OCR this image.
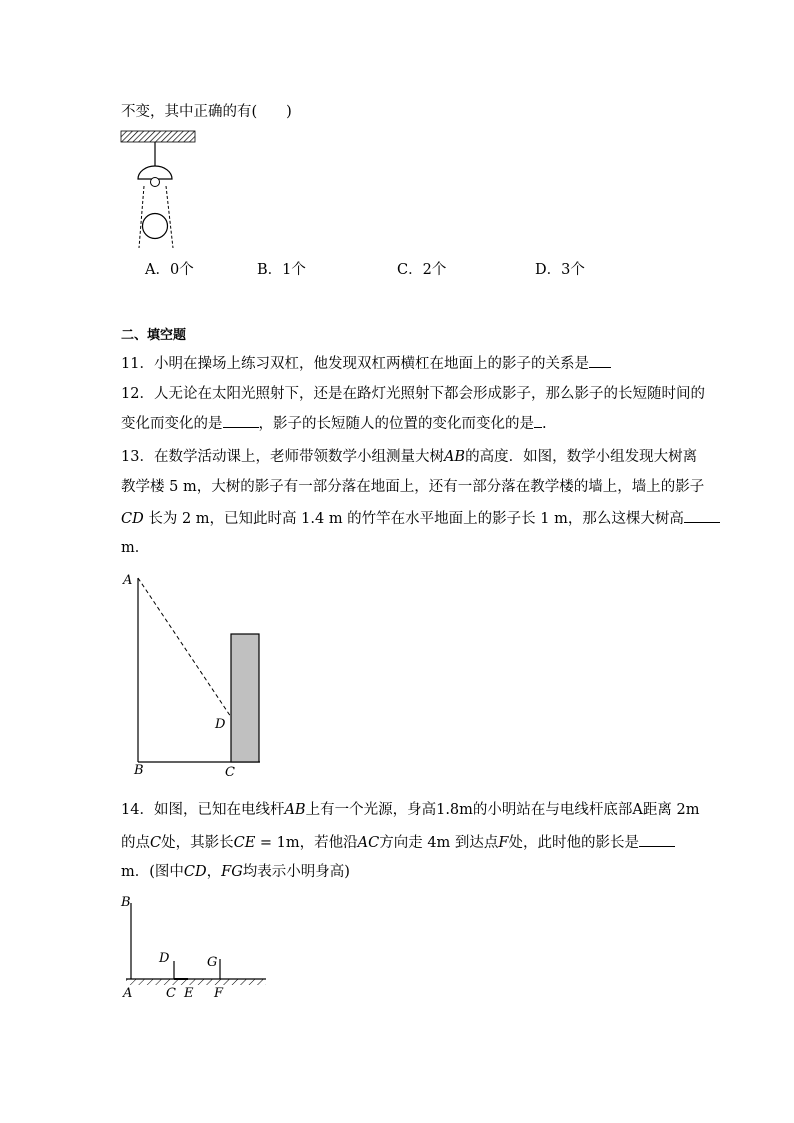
不变，其中正确的有(　　)
A．0个	B．1个	C．2个	D．3个
二、填空题
11．小明在操场上练习双杠，他发现双杠两横杠在地面上的影子的关系是
12．人无论在太阳光照射下，还是在路灯光照射下都会形成影子，那么影子的长短随时间的
变化而变化的是 ，影子的长短随人的位置的变化而变化的是 .
13．在数学活动课上，老师带领数学小组测量大树AB的高度．如图，数学小组发现大树离
教学楼 5 m，大树的影子有一部分落在地面上，还有一部分落在教学楼的墙上，墙上的影子
CD 长为 2 m，已知此时高 1.4 m 的竹竿在水平地面上的影子长 1 m，那么这棵大树高
m．
A
D
B	C
14．如图，已知在电线杆AB上有一个光源，身高1.8m的小明站在与电线杆底部A距离 2m
的点C处，其影长CE = 1m，若他沿AC方向走 4m 到达点F处，此时他的影长是
m．(图中CD，FG均表示小明身高)
B
D	G
A	C E F
